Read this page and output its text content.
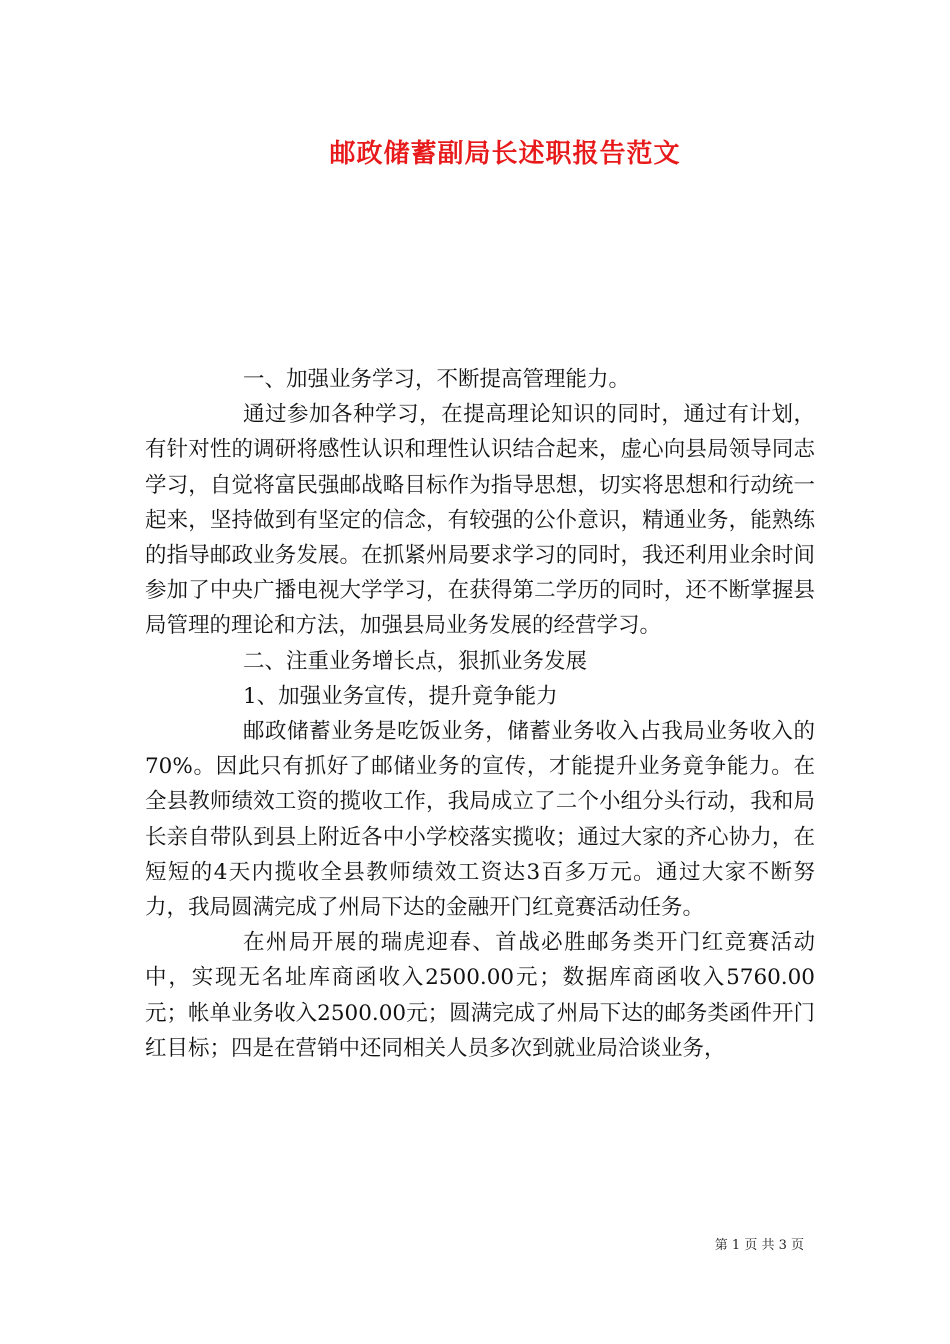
邮政储蓄副局长述职报告范文

一、加强业务学习，不断提高管理能力。

通过参加各种学习，在提高理论知识的同时，通过有计划，有针对性的调研将感性认识和理性认识结合起来，虚心向县局领导同志学习，自觉将富民强邮战略目标作为指导思想，切实将思想和行动统一起来，坚持做到有坚定的信念，有较强的公仆意识，精通业务，能熟练的指导邮政业务发展。在抓紧州局要求学习的同时，我还利用业余时间参加了中央广播电视大学学习，在获得第二学历的同时，还不断掌握县局管理的理论和方法，加强县局业务发展的经营学习。

二、注重业务增长点，狠抓业务发展

1、加强业务宣传，提升竟争能力

邮政储蓄业务是吃饭业务，储蓄业务收入占我局业务收入的70%。因此只有抓好了邮储业务的宣传，才能提升业务竟争能力。在全县教师绩效工资的揽收工作，我局成立了二个小组分头行动，我和局长亲自带队到县上附近各中小学校落实揽收；通过大家的齐心协力，在短短的4天内揽收全县教师绩效工资达3百多万元。通过大家不断努力，我局圆满完成了州局下达的金融开门红竟赛活动任务。

在州局开展的瑞虎迎春、首战必胜邮务类开门红竞赛活动中，实现无名址库商函收入2500.00元；数据库商函收入5760.00元；帐单业务收入2500.00元；圆满完成了州局下达的邮务类函件开门红目标；四是在营销中还同相关人员多次到就业局洽谈业务，

第 1 页 共 3 页
